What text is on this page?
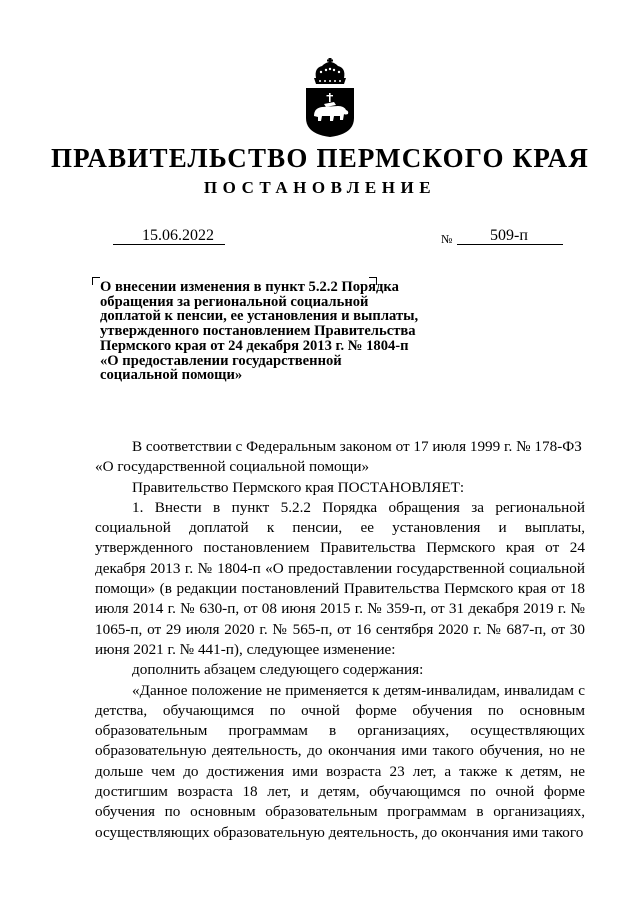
ПРАВИТЕЛЬСТВО ПЕРМСКОГО КРАЯ
ПОСТАНОВЛЕНИЕ
15.06.2022	№ 509-п
О внесении изменения в пункт 5.2.2 Порядка
обращения за региональной социальной
доплатой к пенсии, ее установления и выплаты,
утвержденного постановлением Правительства
Пермского края от 24 декабря 2013 г. № 1804-п
«О предоставлении государственной
социальной помощи»

В соответствии с Федеральным законом от 17 июля 1999 г. № 178-ФЗ

«О государственной социальной помощи»

Правительство Пермского края ПОСТАНОВЛЯЕТ:

1. Внести в пункт 5.2.2 Порядка обращения за региональной социальной доплатой к пенсии, ее установления и выплаты, утвержденного постановлением Правительства Пермского края от 24 декабря 2013 г. № 1804-п «О предоставлении государственной социальной помощи» (в редакции постановлений Правительства Пермского края от 18 июля 2014 г. № 630-п, от 08 июня 2015 г. № 359-п, от 31 декабря 2019 г. № 1065-п, от 29 июля 2020 г. № 565-п, от 16 сентября 2020 г. № 687-п, от 30 июня 2021 г. № 441-п), следующее изменение:

дополнить абзацем следующего содержания:

«Данное положение не применяется к детям-инвалидам, инвалидам с детства, обучающимся по очной форме обучения по основным образовательным программам в организациях, осуществляющих образовательную деятельность, до окончания ими такого обучения, но не дольше чем до достижения ими возраста 23 лет, а также к детям, не достигшим возраста 18 лет, и детям, обучающимся по очной форме обучения по основным образовательным программам в организациях, осуществляющих образовательную деятельность, до окончания ими такого
